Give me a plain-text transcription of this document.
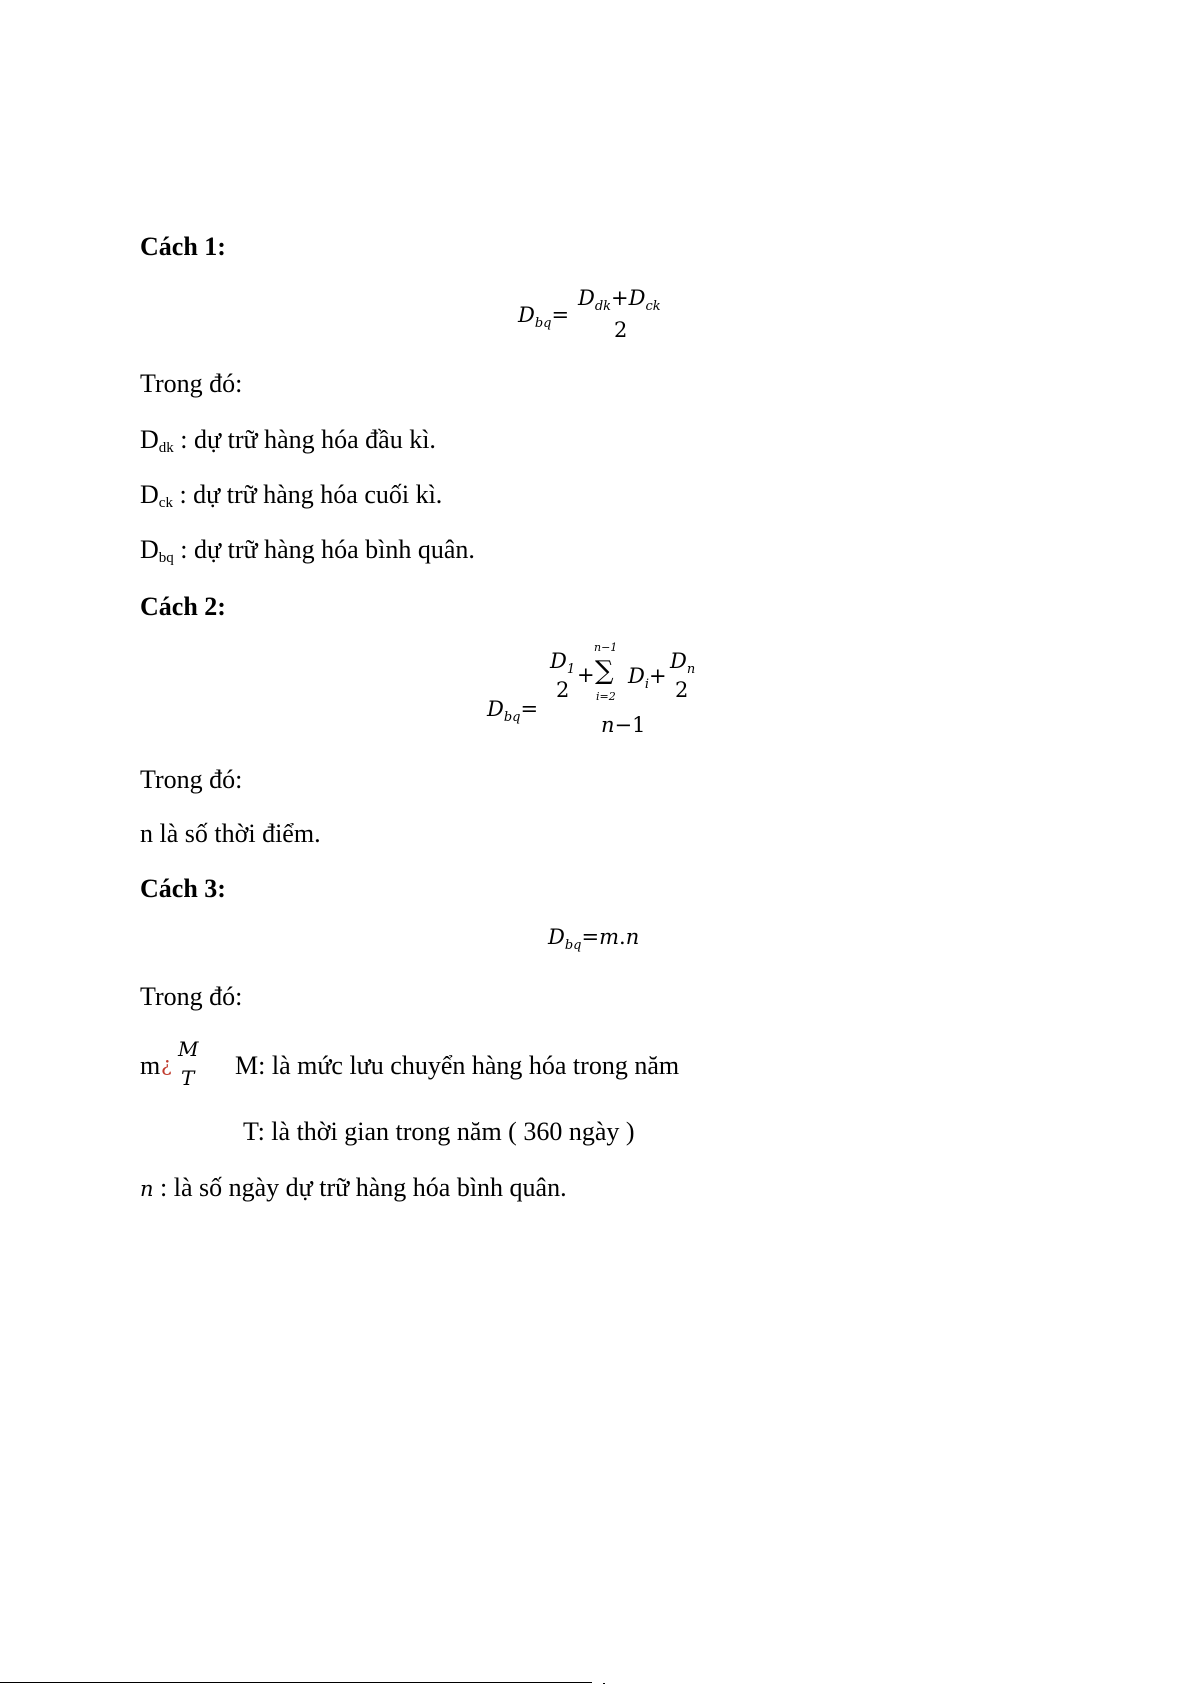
Cách 1:
$D_{bq}=$
$D_{dk}+D_{ck}$
2
Trong đó:
$D_{dk}$ : dự trữ hàng hóa đầu kì.
$D_{ck}$ : dự trữ hàng hóa cuối kì.
$D_{bq}$ : dự trữ hàng hóa bình quân.
Cách 2:
$D_{bq}=$
$D_1$
2
+
n−1
∑
i=2
$D_i+$
$D_n$
2
n−1
Trong đó:
n là số thời điểm.
Cách 3:
$D_{bq}=m.n$
Trong đó:
m ¿
M
T M: là mức lưu chuyển hàng hóa trong năm
T: là thời gian trong năm ( 360 ngày )
n : là số ngày dự trữ hàng hóa bình quân.
